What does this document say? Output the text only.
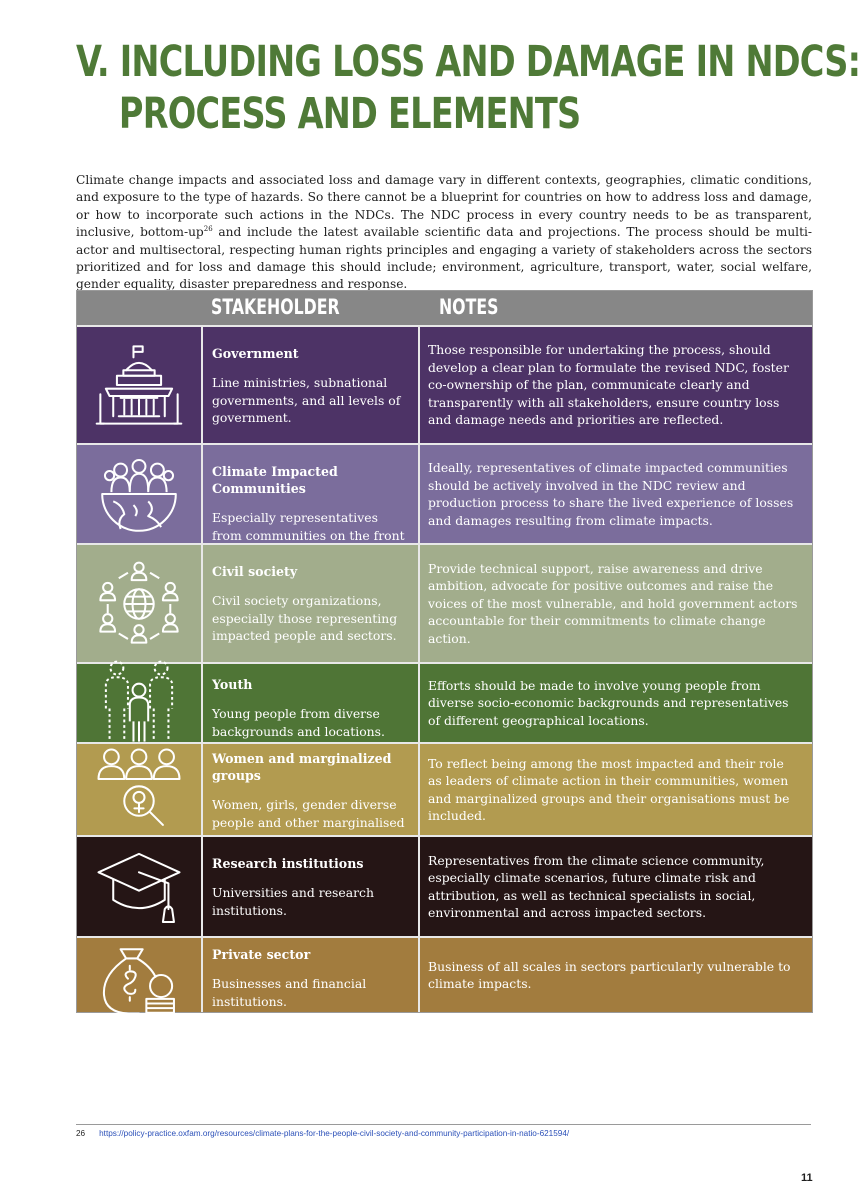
V. INCLUDING LOSS AND DAMAGE IN NDCS:
PROCESS AND ELEMENTS

Climate change impacts and associated loss and damage vary in different contexts, geographies, climatic conditions, and exposure to the type of hazards. So there cannot be a blueprint for countries on how to address loss and damage, or how to incorporate such actions in the NDCs. The NDC process in every country needs to be as transparent, inclusive, bottom-$up^{26}$ and include the latest available scientific data and projections. The process should be multi-actor and multisectoral, respecting human rights principles and engaging a variety of stakeholders across the sectors prioritized and for loss and damage this should include; environment, agriculture, transport, water, social welfare, gender equality, disaster preparedness and response.

STAKEHOLDER	NOTES

Government

Line ministries, subnational governments, and all levels of government.

Those responsible for undertaking the process, should develop a clear plan to formulate the revised NDC, foster co-ownership of the plan, communicate clearly and transparently with all stakeholders, ensure country loss and damage needs and priorities are reflected.

Climate Impacted Communities

Especially representatives from communities on the front

Ideally, representatives of climate impacted communities should be actively involved in the NDC review and production process to share the lived experience of losses and damages resulting from climate impacts.

Civil society

Civil society organizations, especially those representing impacted people and sectors.

Provide technical support, raise awareness and drive ambition, advocate for positive outcomes and raise the voices of the most vulnerable, and hold government actors accountable for their commitments to climate change action.

Youth

Young people from diverse backgrounds and locations.

Efforts should be made to involve young people from diverse socio-economic backgrounds and representatives of different geographical locations.

Women and marginalized groups

Women, girls, gender diverse people and other marginalised

To reflect being among the most impacted and their role as leaders of climate action in their communities, women and marginalized groups and their organisations must be included.

Research institutions

Universities and research institutions.

Representatives from the climate science community, especially climate scenarios, future climate risk and attribution, as well as technical specialists in social, environmental and across impacted sectors.

Private sector

Businesses and financial institutions.

Business of all scales in sectors particularly vulnerable to climate impacts.

26 https://policy-practice.oxfam.org/resources/climate-plans-for-the-people-civil-society-and-community-participation-in-natio-621594/
11
